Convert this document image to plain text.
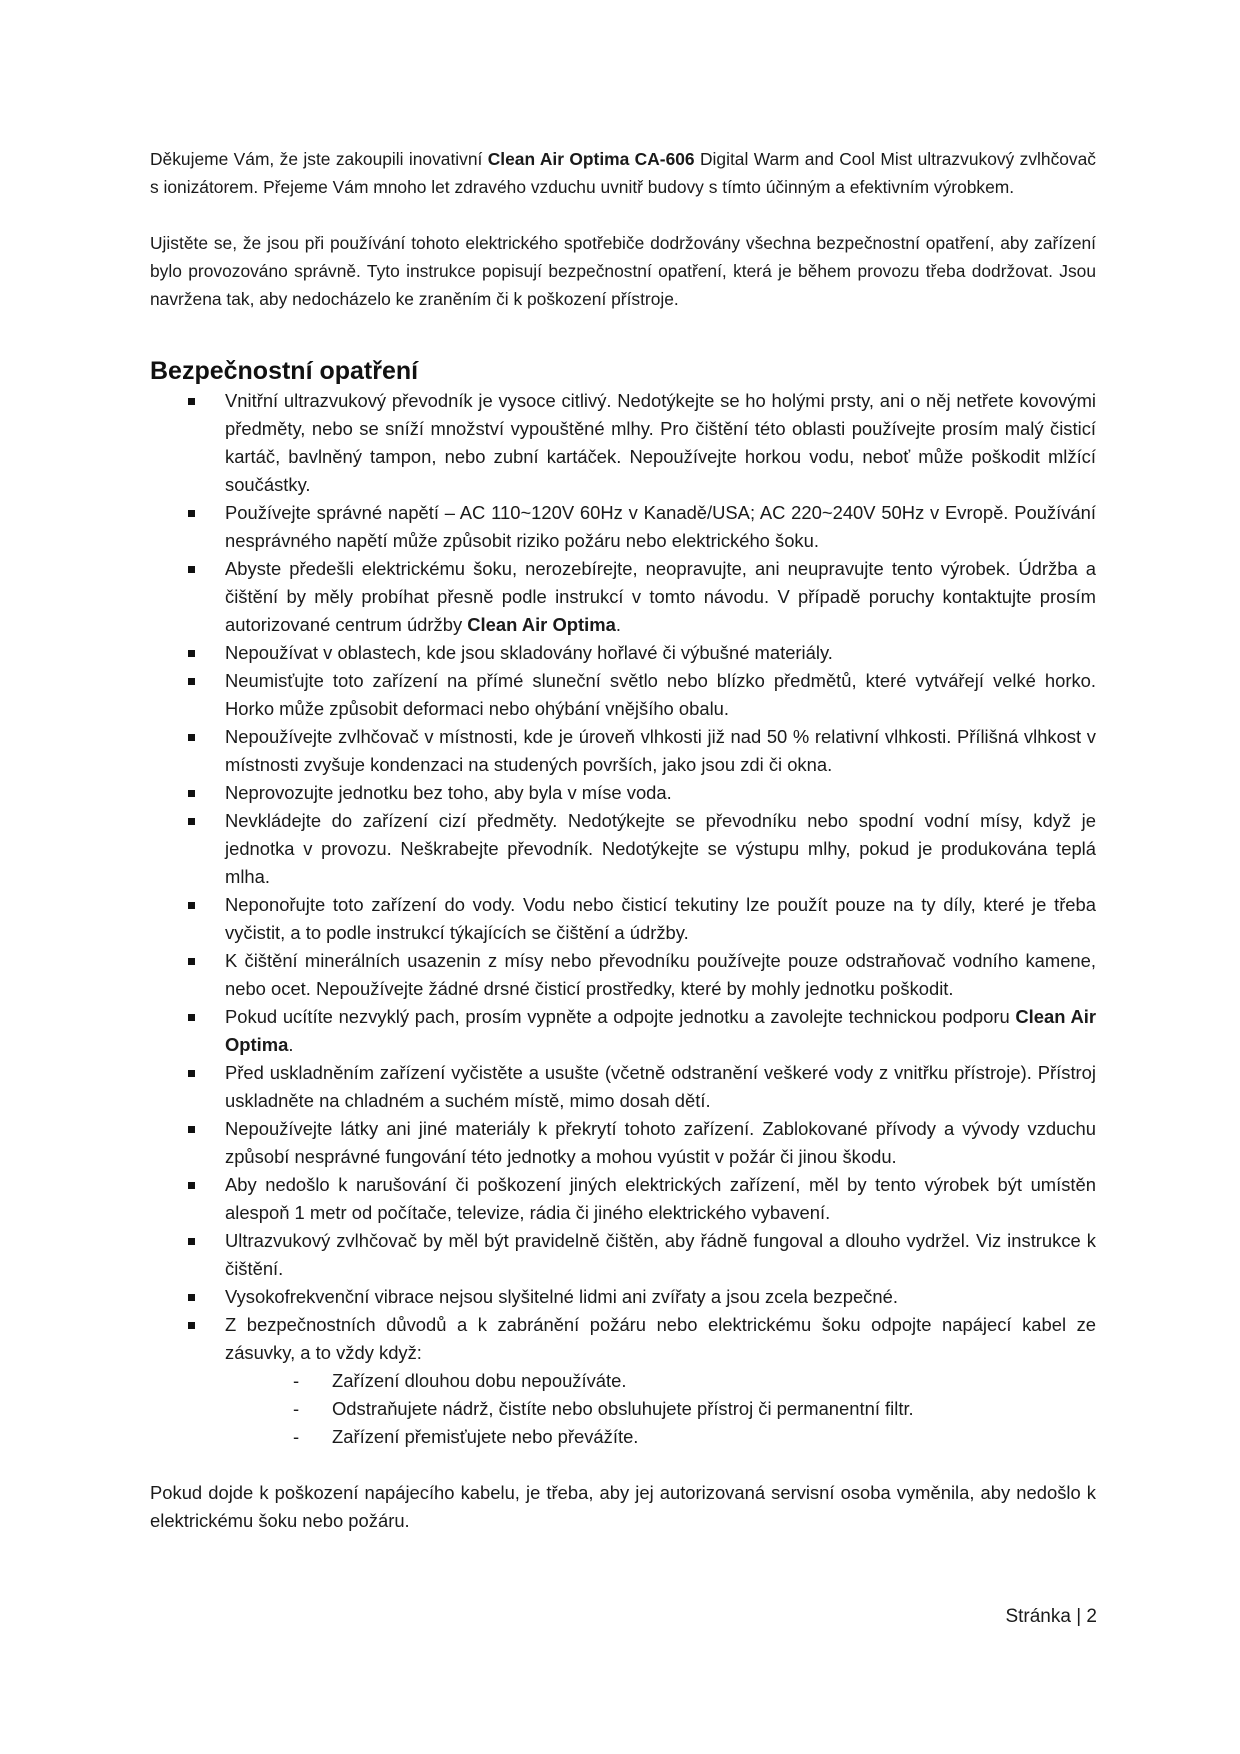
Děkujeme Vám, že jste zakoupili inovativní Clean Air Optima CA-606 Digital Warm and Cool Mist ultrazvukový zvlhčovač s ionizátorem. Přejeme Vám mnoho let zdravého vzduchu uvnitř budovy s tímto účinným a efektivním výrobkem.

Ujistěte se, že jsou při používání tohoto elektrického spotřebiče dodržovány všechna bezpečnostní opatření, aby zařízení bylo provozováno správně. Tyto instrukce popisují bezpečnostní opatření, která je během provozu třeba dodržovat. Jsou navržena tak, aby nedocházelo ke zraněním či k poškození přístroje.

Bezpečnostní opatření
Vnitřní ultrazvukový převodník je vysoce citlivý. Nedotýkejte se ho holými prsty, ani o něj netřete kovovými předměty, nebo se sníží množství vypouštěné mlhy. Pro čištění této oblasti používejte prosím malý čisticí kartáč, bavlněný tampon, nebo zubní kartáček. Nepoužívejte horkou vodu, neboť může poškodit mlžící součástky.
Používejte správné napětí – AC 110~120V 60Hz v Kanadě/USA; AC 220~240V 50Hz v Evropě. Používání nesprávného napětí může způsobit riziko požáru nebo elektrického šoku.
Abyste předešli elektrickému šoku, nerozebírejte, neopravujte, ani neupravujte tento výrobek. Údržba a čištění by měly probíhat přesně podle instrukcí v tomto návodu. V případě poruchy kontaktujte prosím autorizované centrum údržby Clean Air Optima.
Nepoužívat v oblastech, kde jsou skladovány hořlavé či výbušné materiály.
Neumisťujte toto zařízení na přímé sluneční světlo nebo blízko předmětů, které vytvářejí velké horko. Horko může způsobit deformaci nebo ohýbání vnějšího obalu.
Nepoužívejte zvlhčovač v místnosti, kde je úroveň vlhkosti již nad 50 % relativní vlhkosti. Přílišná vlhkost v místnosti zvyšuje kondenzaci na studených površích, jako jsou zdi či okna.
Neprovozujte jednotku bez toho, aby byla v míse voda.
Nevkládejte do zařízení cizí předměty. Nedotýkejte se převodníku nebo spodní vodní mísy, když je jednotka v provozu. Neškrabejte převodník. Nedotýkejte se výstupu mlhy, pokud je produkována teplá mlha.
Neponořujte toto zařízení do vody. Vodu nebo čisticí tekutiny lze použít pouze na ty díly, které je třeba vyčistit, a to podle instrukcí týkajících se čištění a údržby.
K čištění minerálních usazenin z mísy nebo převodníku používejte pouze odstraňovač vodního kamene, nebo ocet. Nepoužívejte žádné drsné čisticí prostředky, které by mohly jednotku poškodit.
Pokud ucítíte nezvyklý pach, prosím vypněte a odpojte jednotku a zavolejte technickou podporu Clean Air Optima.
Před uskladněním zařízení vyčistěte a usušte (včetně odstranění veškeré vody z vnitřku přístroje). Přístroj uskladněte na chladném a suchém místě, mimo dosah dětí.
Nepoužívejte látky ani jiné materiály k překrytí tohoto zařízení. Zablokované přívody a vývody vzduchu způsobí nesprávné fungování této jednotky a mohou vyústit v požár či jinou škodu.
Aby nedošlo k narušování či poškození jiných elektrických zařízení, měl by tento výrobek být umístěn alespoň 1 metr od počítače, televize, rádia či jiného elektrického vybavení.
Ultrazvukový zvlhčovač by měl být pravidelně čištěn, aby řádně fungoval a dlouho vydržel. Viz instrukce k čištění.
Vysokofrekvenční vibrace nejsou slyšitelné lidmi ani zvířaty a jsou zcela bezpečné.
Z bezpečnostních důvodů a k zabránění požáru nebo elektrickému šoku odpojte napájecí kabel ze zásuvky, a to vždy když:
- Zařízení dlouhou dobu nepoužíváte.
- Odstraňujete nádrž, čistíte nebo obsluhujete přístroj či permanentní filtr.
- Zařízení přemisťujete nebo převážíte.

Pokud dojde k poškození napájecího kabelu, je třeba, aby jej autorizovaná servisní osoba vyměnila, aby nedošlo k elektrickému šoku nebo požáru.

Stránka | 2
